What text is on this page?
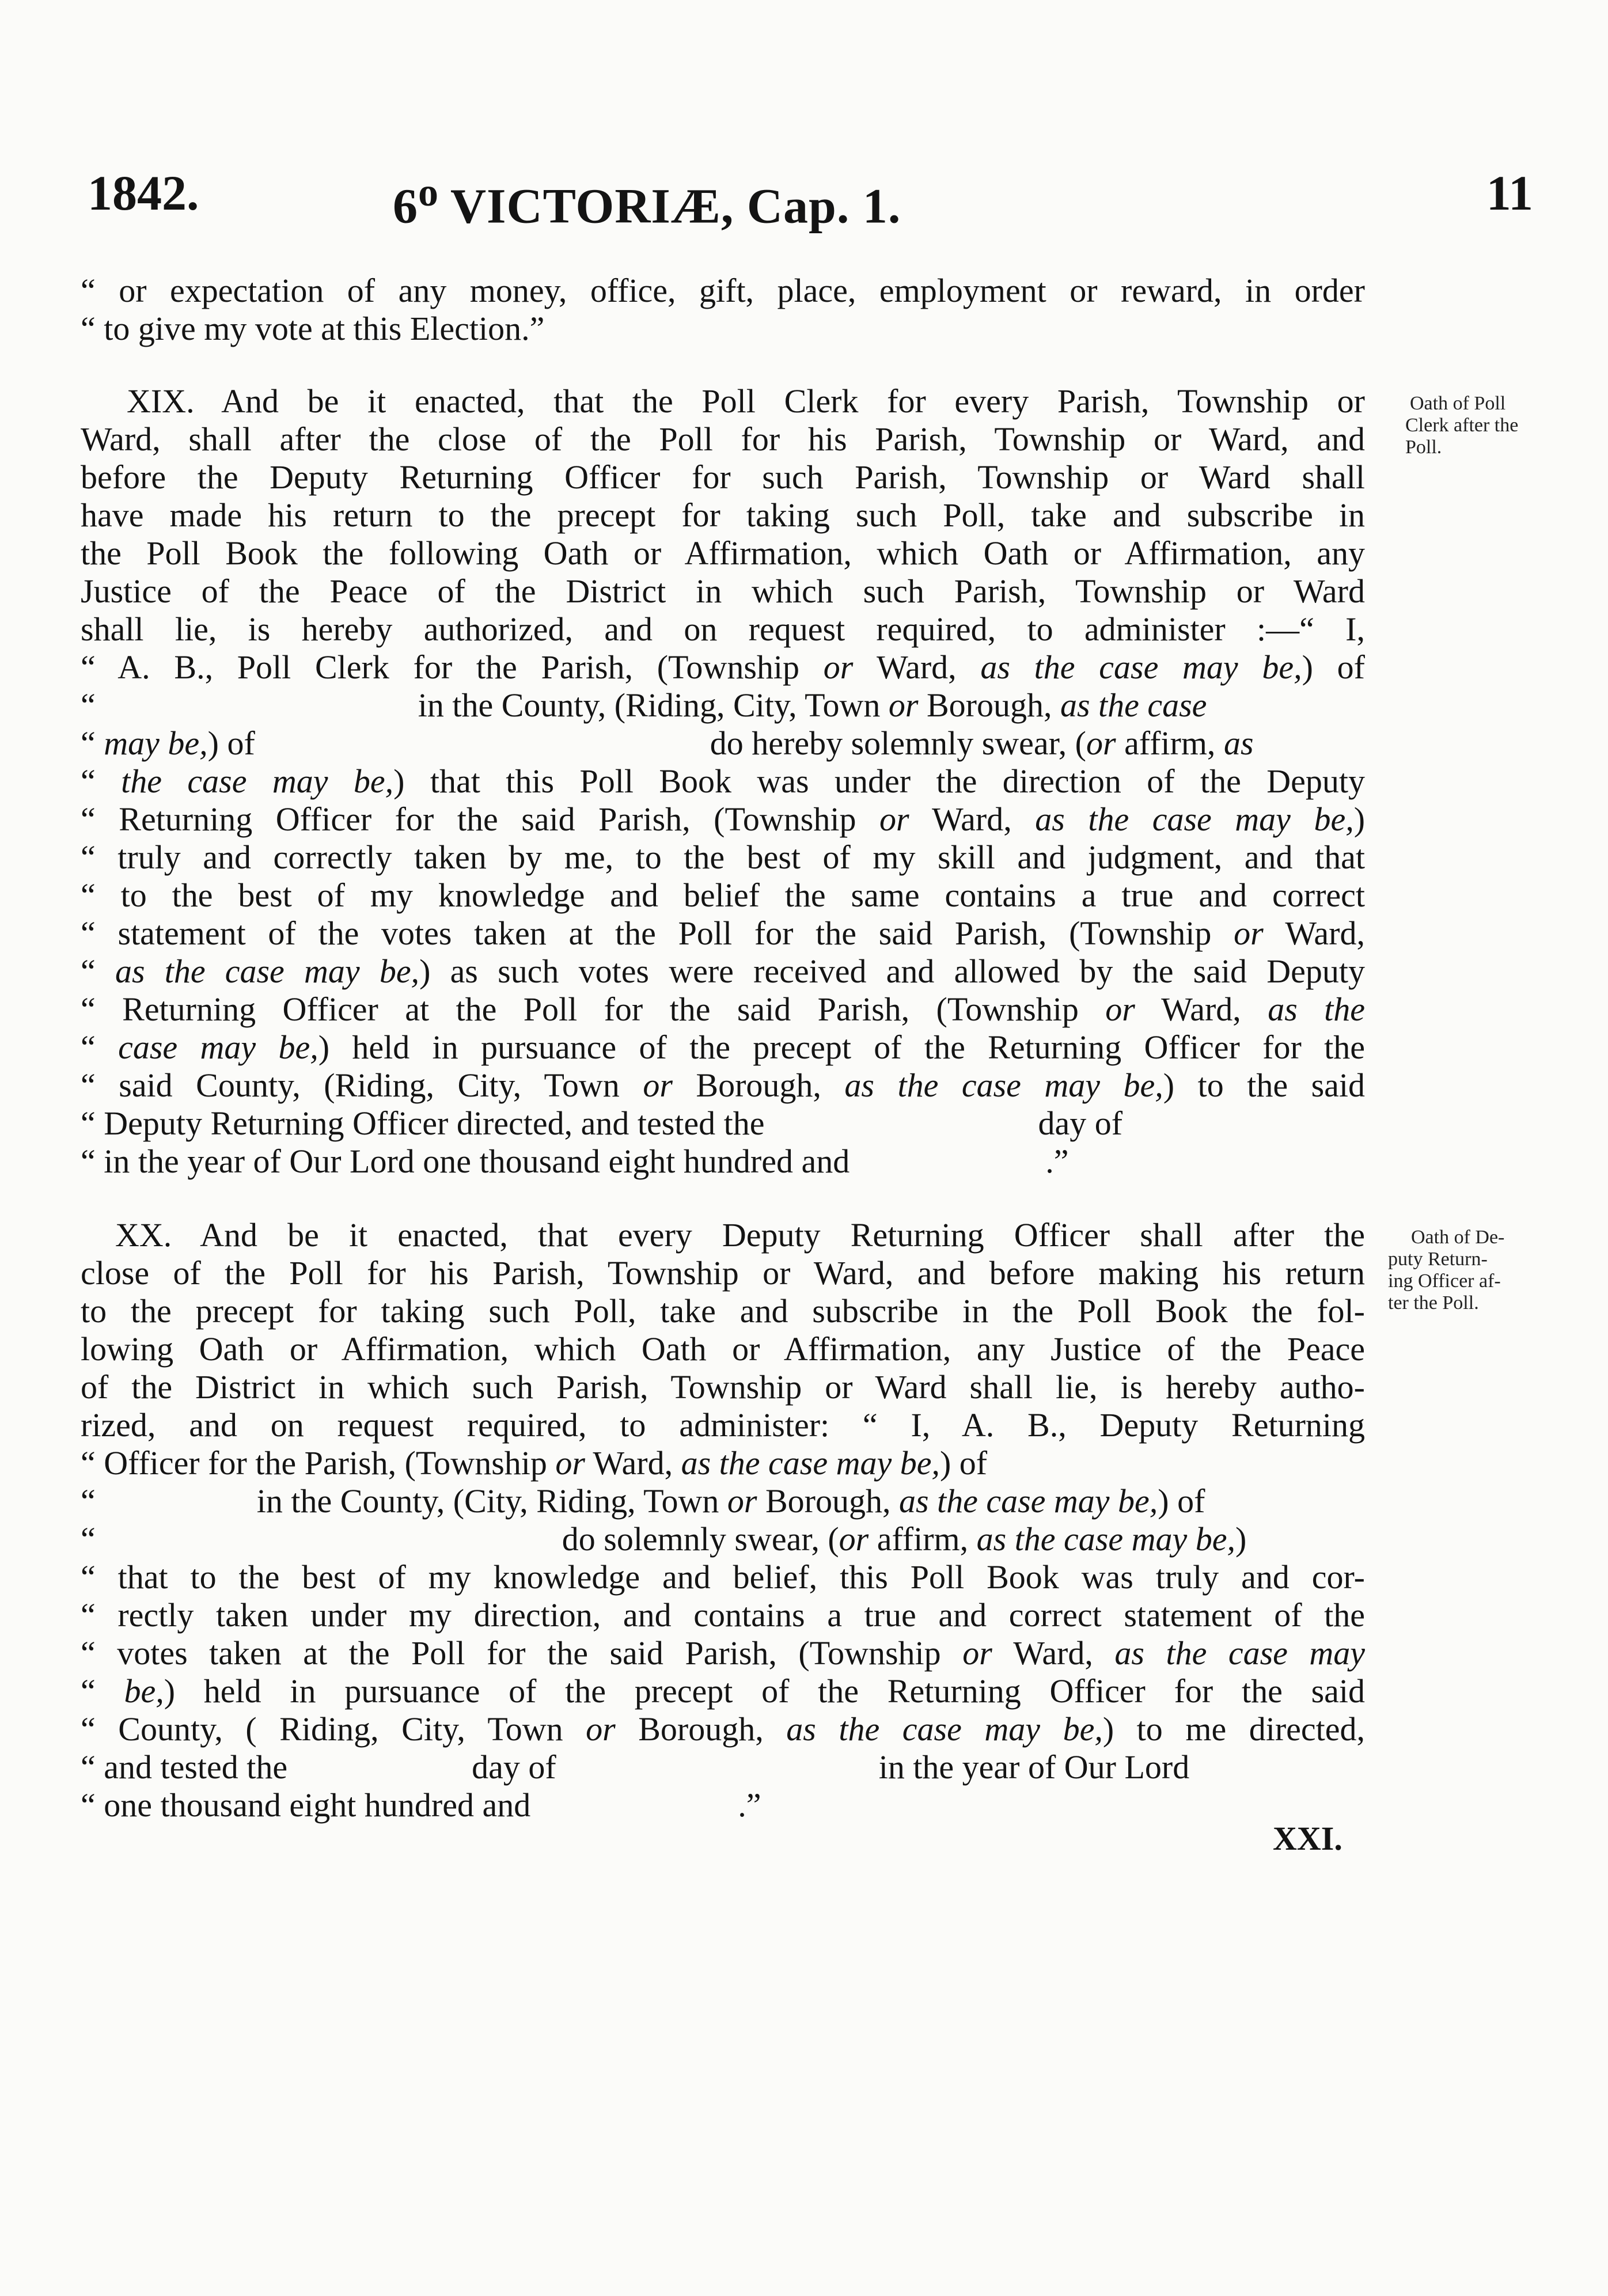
1842.	6$^o$ VICTORIÆ, Cap. 1.	11
“ or expectation of any money, office, gift, place, employment or reward, in order
“ to give my vote at this Election.”
XIX. And be it enacted, that the Poll Clerk for every Parish, Township or
Ward, shall after the close of the Poll for his Parish, Township or Ward, and
before the Deputy Returning Officer for such Parish, Township or Ward shall
have made his return to the precept for taking such Poll, take and subscribe in
the Poll Book the following Oath or Affirmation, which Oath or Affirmation, any
Justice of the Peace of the District in which such Parish, Township or Ward
shall lie, is hereby authorized, and on request required, to administer :—“ I,
“ A. B., Poll Clerk for the Parish, (Township or Ward, as the case may be,) of
“	in the County, (Riding, City, Town or Borough, as the case
“ may be,) of	do hereby solemnly swear, (or affirm, as
“ the case may be,) that this Poll Book was under the direction of the Deputy
“ Returning Officer for the said Parish, (Township or Ward, as the case may be,)
“ truly and correctly taken by me, to the best of my skill and judgment, and that
“ to the best of my knowledge and belief the same contains a true and correct
“ statement of the votes taken at the Poll for the said Parish, (Township or Ward,
“ as the case may be,) as such votes were received and allowed by the said Deputy
“ Returning Officer at the Poll for the said Parish, (Township or Ward, as the
“ case may be,) held in pursuance of the precept of the Returning Officer for the
“ said County, (Riding, City, Town or Borough, as the case may be,) to the said
“ Deputy Returning Officer directed, and tested the	day of
“ in the year of Our Lord one thousand eight hundred and	.”
XX. And be it enacted, that every Deputy Returning Officer shall after the
close of the Poll for his Parish, Township or Ward, and before making his return
to the precept for taking such Poll, take and subscribe in the Poll Book the fol-
lowing Oath or Affirmation, which Oath or Affirmation, any Justice of the Peace
of the District in which such Parish, Township or Ward shall lie, is hereby autho-
rized, and on request required, to administer: “ I, A. B., Deputy Returning
“ Officer for the Parish, (Township or Ward, as the case may be,) of
“	in the County, (City, Riding, Town or Borough, as the case may be,) of
“	do solemnly swear, (or affirm, as the case may be,)
“ that to the best of my knowledge and belief, this Poll Book was truly and cor-
“ rectly taken under my direction, and contains a true and correct statement of the
“ votes taken at the Poll for the said Parish, (Township or Ward, as the case may
“ be,) held in pursuance of the precept of the Returning Officer for the said
“ County, ( Riding, City, Town or Borough, as the case may be,) to me directed,
“ and tested the	day of	in the year of Our Lord
“ one thousand eight hundred and	.”
Oath of Poll
Clerk after the
Poll.
Oath of De-
puty Return-
ing Officer af-
ter the Poll.
XXI.
